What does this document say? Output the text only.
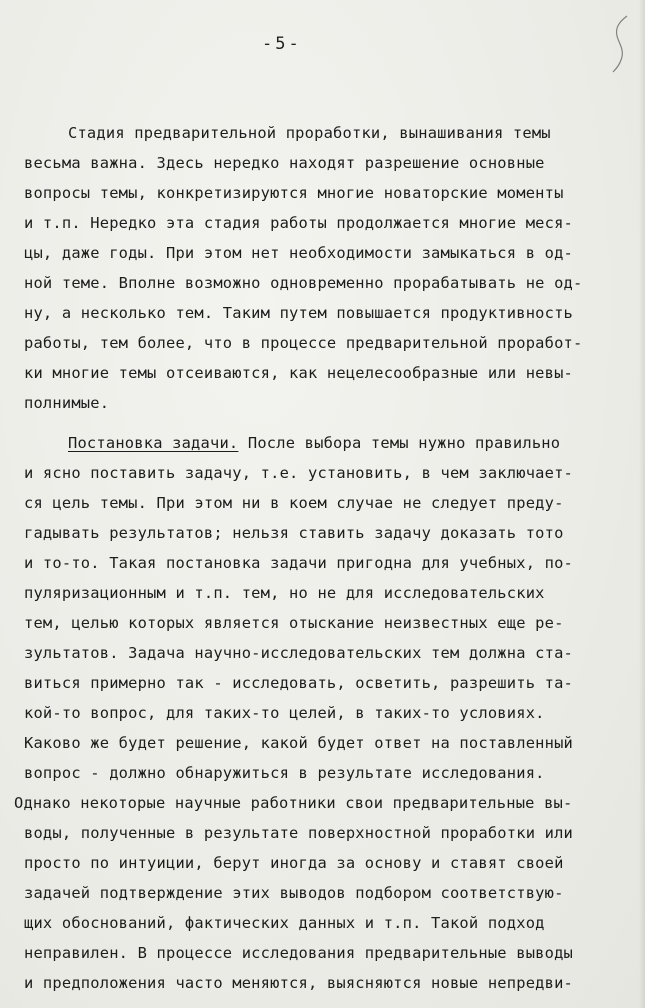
-5-
Стадия предварительной проработки, вынашивания темы
весьма важна. Здесь нередко находят разрешение основные
вопросы темы, конкретизируются многие новаторские моменты
и т.п. Нередко эта стадия работы продолжается многие меся-
цы, даже годы. При этом нет необходимости замыкаться в од-
ной теме. Вполне возможно одновременно прорабатывать не од-
ну, а несколько тем. Таким путем повышается продуктивность
работы, тем более, что в процессе предварительной проработ-
ки многие темы отсеиваются, как нецелесообразные или невы-
полнимые.
Постановка задачи. После выбора темы нужно правильно
и ясно поставить задачу, т.е. установить, в чем заключает-
ся цель темы. При этом ни в коем случае не следует преду-
гадывать результатов; нельзя ставить задачу доказать тото
и то-то. Такая постановка задачи пригодна для учебных, по-
пуляризационным и т.п. тем, но не для исследовательских
тем, целью которых является отыскание неизвестных еще ре-
зультатов. Задача научно-исследовательских тем должна ста-
виться примерно так - исследовать, осветить, разрешить та-
кой-то вопрос, для таких-то целей, в таких-то условиях.
Каково же будет решение, какой будет ответ на поставленный
вопрос - должно обнаружиться в результате исследования.
Однако некоторые научные работники свои предварительные вы-
воды, полученные в результате поверхностной проработки или
просто по интуиции, берут иногда за основу и ставят своей
задачей подтверждение этих выводов подбором соответствую-
щих обоснований, фактических данных и т.п. Такой подход
неправилен. В процессе исследования предварительные выводы
и предположения часто меняются, выясняются новые непредви-
